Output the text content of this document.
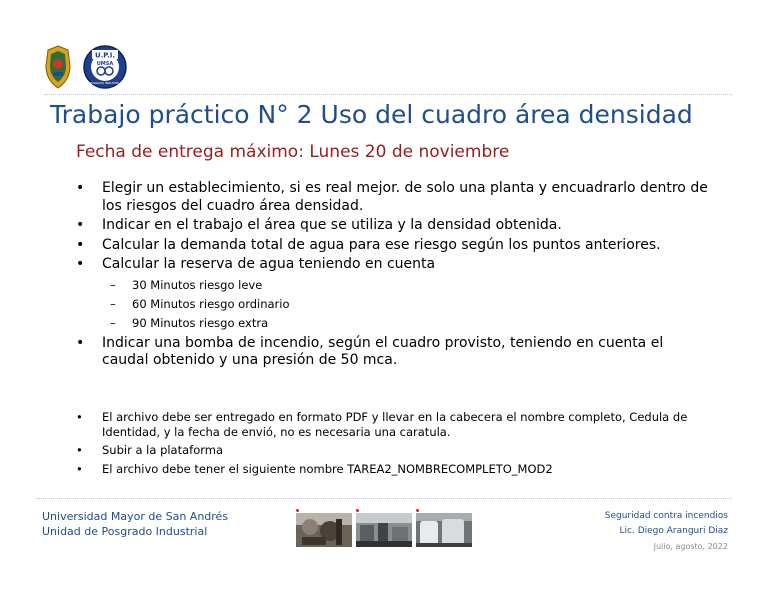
U.P.I.
UMSA
POSGRADO INDUSTRIAL
Trabajo práctico N° 2 Uso del cuadro área densidad
Fecha de entrega máximo: Lunes 20 de noviembre
• Elegir un establecimiento, si es real mejor. de solo una planta y encuadrarlo dentro de los riesgos del cuadro área densidad.
• Indicar en el trabajo el área que se utiliza y la densidad obtenida.
• Calcular la demanda total de agua para ese riesgo según los puntos anteriores.
• Calcular la reserva de agua teniendo en cuenta
– 30 Minutos riesgo leve
– 60 Minutos riesgo ordinario
– 90 Minutos riesgo extra
• Indicar una bomba de incendio, según el cuadro provisto, teniendo en cuenta el caudal obtenido y una presión de 50 mca.
• El archivo debe ser entregado en formato PDF y llevar en la cabecera el nombre completo, Cedula de Identidad, y la fecha de envió, no es necesaria una caratula.
• Subir a la plataforma
• El archivo debe tener el siguiente nombre TAREA2_NOMBRECOMPLETO_MOD2
Universidad Mayor de San Andrés
Unidad de Posgrado Industrial
Seguridad contra incendios
Lic. Diego Aranguri Diaz
Julio, agosto, 2022
